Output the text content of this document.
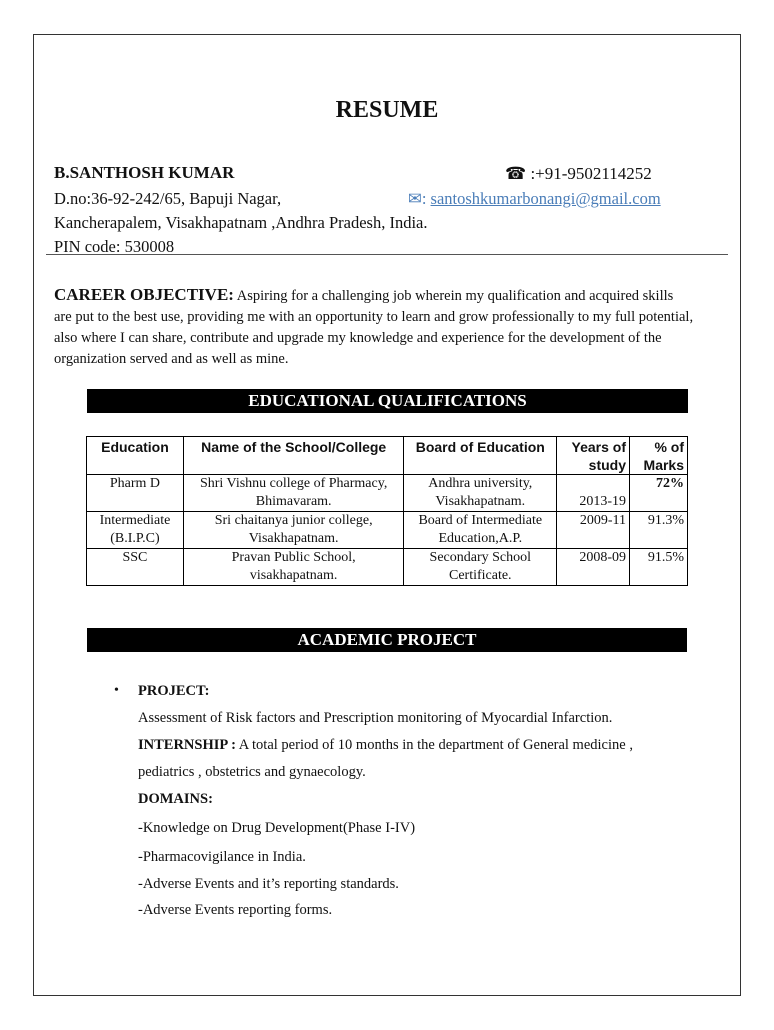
RESUME
B.SANTHOSH KUMAR	☎ :+91-9502114252
D.no:36-92-242/65, Bapuji Nagar,	✉: santoshkumarbonangi@gmail.com
Kancherapalem, Visakhapatnam ,Andhra Pradesh, India.
PIN code: 530008
CAREER OBJECTIVE: Aspiring for a challenging job wherein my qualification and acquired skills are put to the best use, providing me with an opportunity to learn and grow professionally to my full potential, also where I can share, contribute and upgrade my knowledge and experience for the development of the organization served and as well as mine.
EDUCATIONAL QUALIFICATIONS
Education	Name of the School/College	Board of Education	Years of study	% of Marks
Pharm D	Shri Vishnu college of Pharmacy, Bhimavaram.	Andhra university, Visakhapatnam.	2013-19	72%
Intermediate (B.I.P.C)	Sri chaitanya junior college, Visakhapatnam.	Board of Intermediate Education,A.P.	2009-11	91.3%
SSC	Pravan Public School, visakhapatnam.	Secondary School Certificate.	2008-09	91.5%
ACADEMIC PROJECT
• PROJECT:
Assessment of Risk factors and Prescription monitoring of Myocardial Infarction.
INTERNSHIP : A total period of 10 months in the department of General medicine ,
pediatrics , obstetrics and gynaecology.
DOMAINS:
-Knowledge on Drug Development(Phase I-IV)
-Pharmacovigilance in India.
-Adverse Events and it’s reporting standards.
-Adverse Events reporting forms.
